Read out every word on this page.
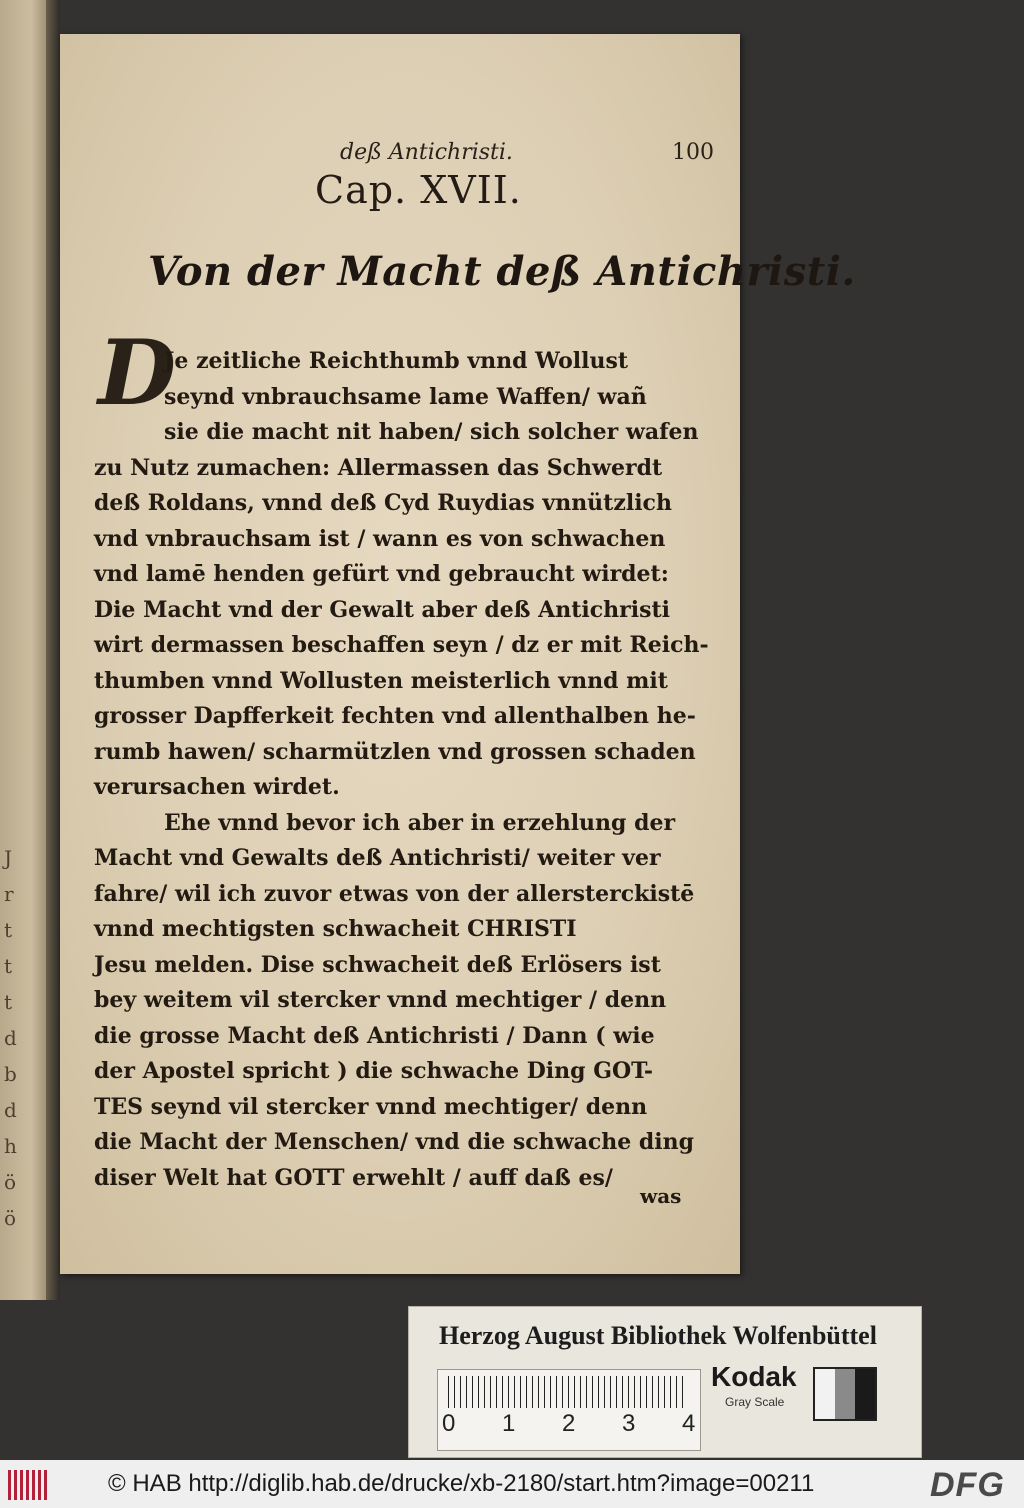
J
r
t
t
t
d
b
d
h
ö
ö
deß Antichristi.	100
Cap. XVII.
Von der Macht deß Antichristi.
D
Je zeitliche Reichthumb vnnd Wollust
seynd vnbrauchsame lame Waffen/ wañ
sie die macht nit haben/ sich solcher wafen
zu Nutz zumachen: Allermassen das Schwerdt
deß Roldans, vnnd deß Cyd Ruydias vnnützlich
vnd vnbrauchsam ist / wann es von schwachen
vnd lamē henden gefürt vnd gebraucht wirdet:
Die Macht vnd der Gewalt aber deß Antichristi
wirt dermassen beschaffen seyn / dz er mit Reich-
thumben vnnd Wollusten meisterlich vnnd mit
grosser Dapfferkeit fechten vnd allenthalben he-
rumb hawen/ scharmützlen vnd grossen schaden
verursachen wirdet.
Ehe vnnd bevor ich aber in erzehlung der
Macht vnd Gewalts deß Antichristi/ weiter ver
fahre/ wil ich zuvor etwas von der allersterckistē
vnnd mechtigsten schwacheit CHRISTI
Jesu melden. Dise schwacheit deß Erlösers ist
bey weitem vil stercker vnnd mechtiger / denn
die grosse Macht deß Antichristi / Dann ( wie
der Apostel spricht ) die schwache Ding GOT-
TES seynd vil stercker vnnd mechtiger/ denn
die Macht der Menschen/ vnd die schwache ding
diser Welt hat GOTT erwehlt / auff daß es/
was
Herzog August Bibliothek Wolfenbüttel
0 1 2 3 4
Kodak
Gray Scale
© HAB http://diglib.hab.de/drucke/xb-2180/start.htm?image=00211	DFG
